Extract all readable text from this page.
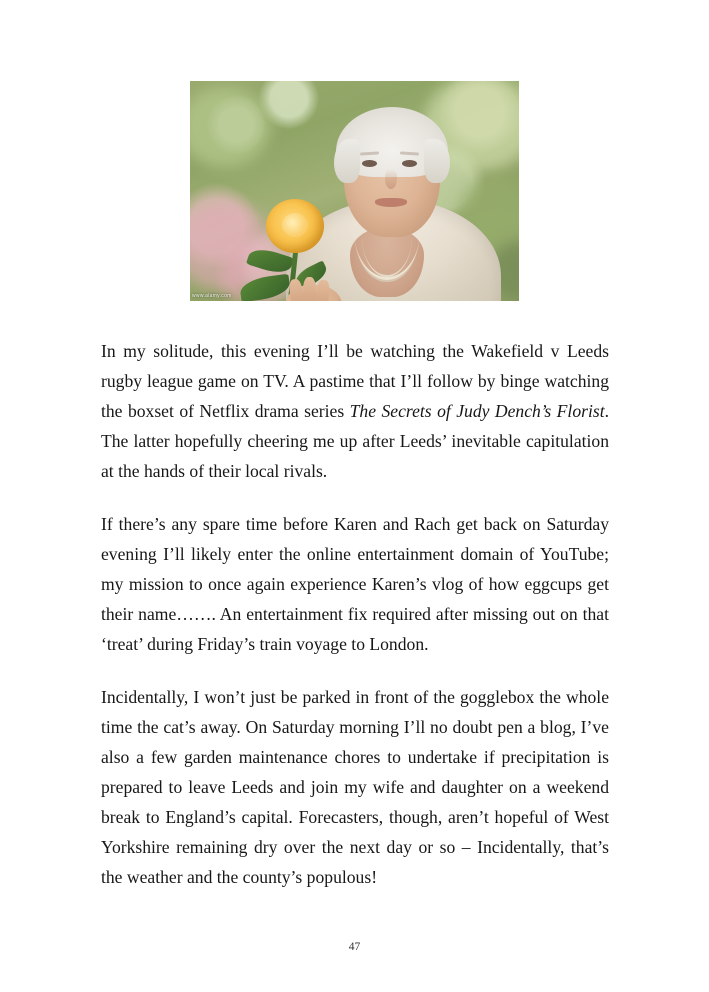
www.alamy.com

In my solitude, this evening I’ll be watching the Wakefield v Leeds rugby league game on TV. A pastime that I’ll follow by binge watching the boxset of Netflix drama series The Secrets of Judy Dench’s Florist. The latter hopefully cheering me up after Leeds’ inevitable capitulation at the hands of their local rivals.

If there’s any spare time before Karen and Rach get back on Saturday evening I’ll likely enter the online entertainment domain of YouTube; my mission to once again experience Karen’s vlog of how eggcups get their name……. An entertainment fix required after missing out on that ‘treat’ during Friday’s train voyage to London.

Incidentally, I won’t just be parked in front of the gogglebox the whole time the cat’s away. On Saturday morning I’ll no doubt pen a blog, I’ve also a few garden maintenance chores to undertake if precipitation is prepared to leave Leeds and join my wife and daughter on a weekend break to England’s capital. Forecasters, though, aren’t hopeful of West Yorkshire remaining dry over the next day or so – Incidentally, that’s the weather and the county’s populous!

47
